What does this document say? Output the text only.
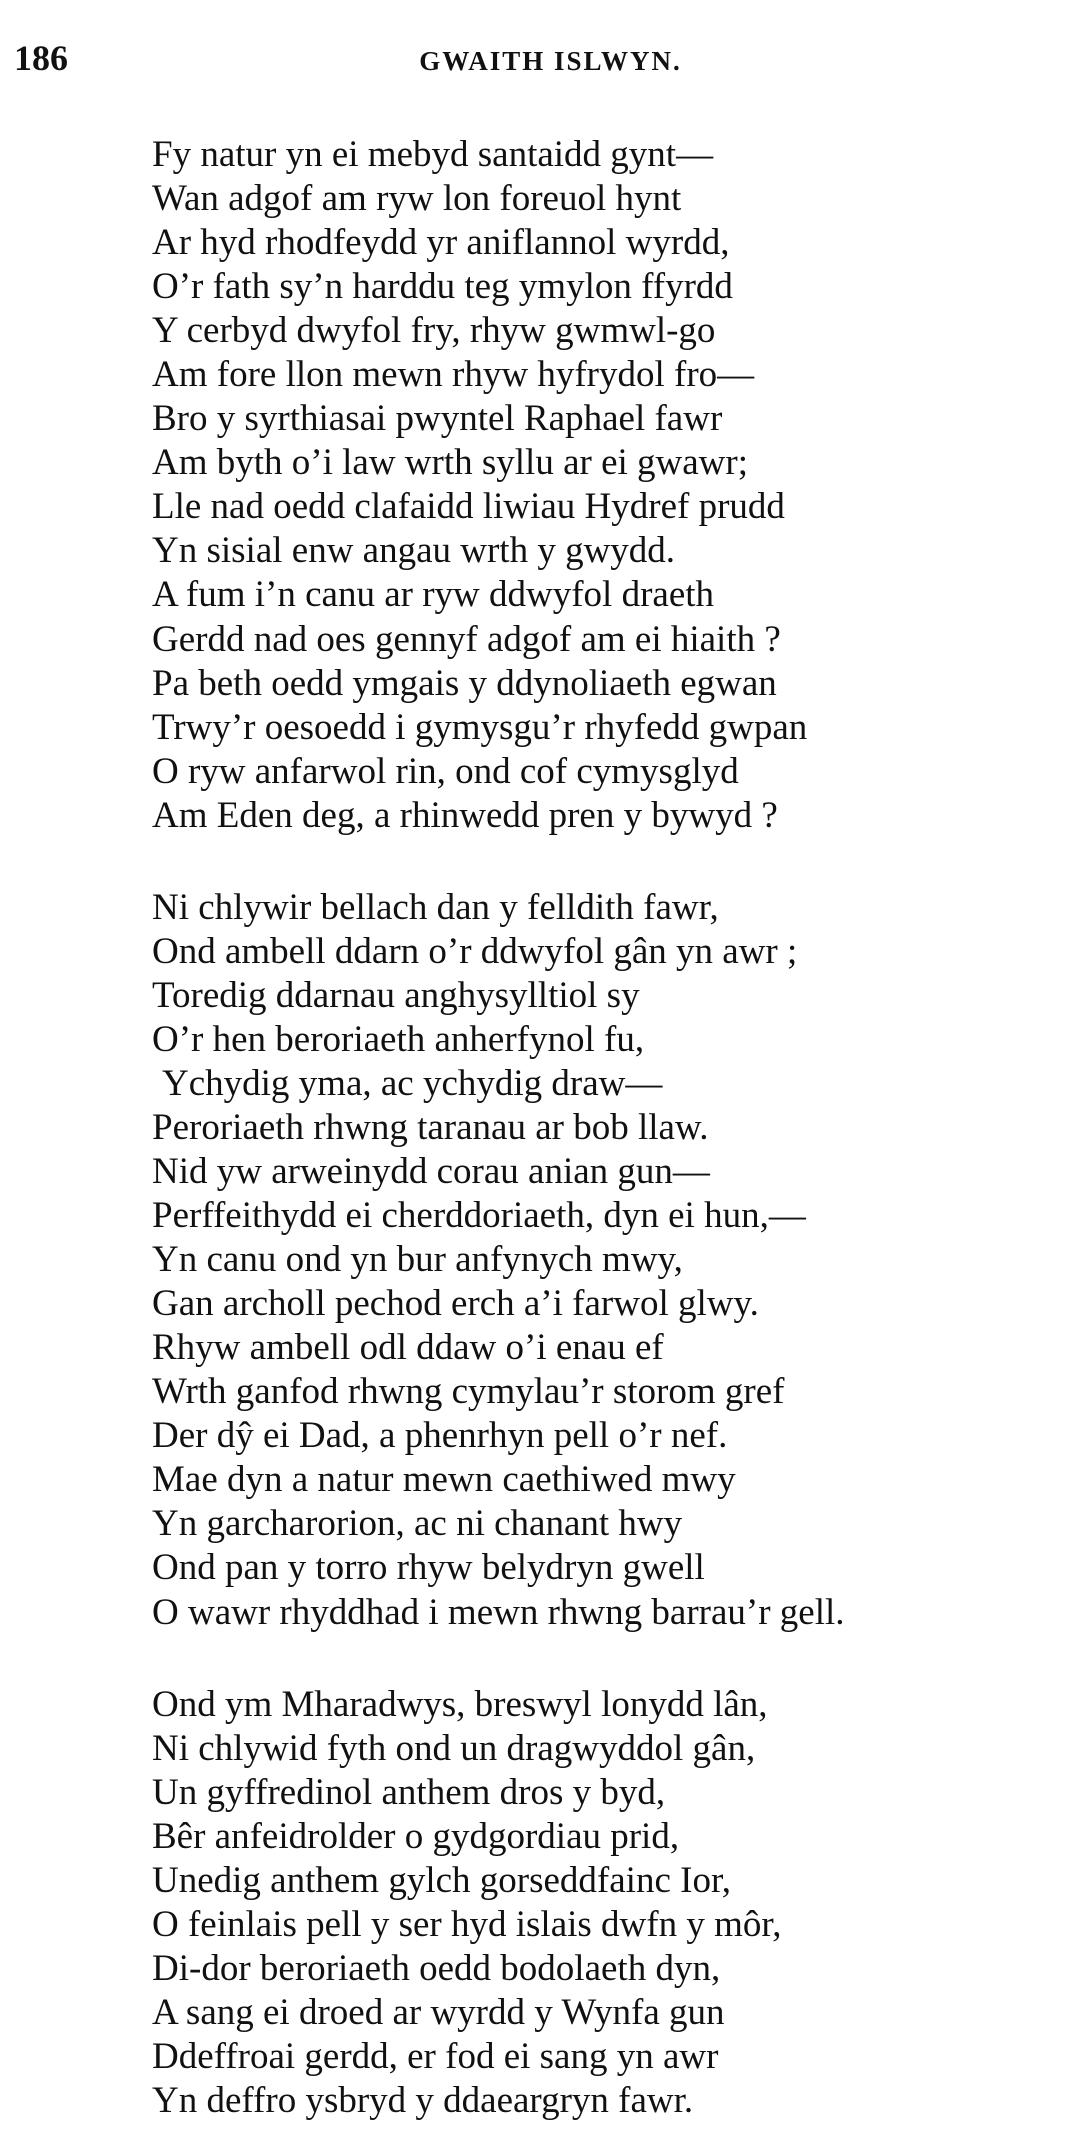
186	GWAITH ISLWYN.
Fy natur yn ei mebyd santaidd gynt—
Wan adgof am ryw lon foreuol hynt
Ar hyd rhodfeydd yr aniflannol wyrdd,
O’r fath sy’n harddu teg ymylon ffyrdd
Y cerbyd dwyfol fry, rhyw gwmwl-go
Am fore llon mewn rhyw hyfrydol fro—
Bro y syrthiasai pwyntel Raphael fawr
Am byth o’i law wrth syllu ar ei gwawr;
Lle nad oedd clafaidd liwiau Hydref prudd
Yn sisial enw angau wrth y gwydd.
A fum i’n canu ar ryw ddwyfol draeth
Gerdd nad oes gennyf adgof am ei hiaith ?
Pa beth oedd ymgais y ddynoliaeth egwan
Trwy’r oesoedd i gymysgu’r rhyfedd gwpan
O ryw anfarwol rin, ond cof cymysglyd
Am Eden deg, a rhinwedd pren y bywyd ?
Ni chlywir bellach dan y felldith fawr,
Ond ambell ddarn o’r ddwyfol gân yn awr ;
Toredig ddarnau anghysylltiol sy
O’r hen beroriaeth anherfynol fu,
Ychydig yma, ac ychydig draw—
Peroriaeth rhwng taranau ar bob llaw.
Nid yw arweinydd corau anian gun—
Perffeithydd ei cherddoriaeth, dyn ei hun,—
Yn canu ond yn bur anfynych mwy,
Gan archoll pechod erch a’i farwol glwy.
Rhyw ambell odl ddaw o’i enau ef
Wrth ganfod rhwng cymylau’r storom gref
Der dŷ ei Dad, a phenrhyn pell o’r nef.
Mae dyn a natur mewn caethiwed mwy
Yn garcharorion, ac ni chanant hwy
Ond pan y torro rhyw belydryn gwell
O wawr rhyddhad i mewn rhwng barrau’r gell.
Ond ym Mharadwys, breswyl lonydd lân,
Ni chlywid fyth ond un dragwyddol gân,
Un gyffredinol anthem dros y byd,
Bêr anfeidrolder o gydgordiau prid,
Unedig anthem gylch gorseddfainc Ior,
O feinlais pell y ser hyd islais dwfn y môr,
Di-dor beroriaeth oedd bodolaeth dyn,
A sang ei droed ar wyrdd y Wynfa gun
Ddeffroai gerdd, er fod ei sang yn awr
Yn deffro ysbryd y ddaeargryn fawr.
